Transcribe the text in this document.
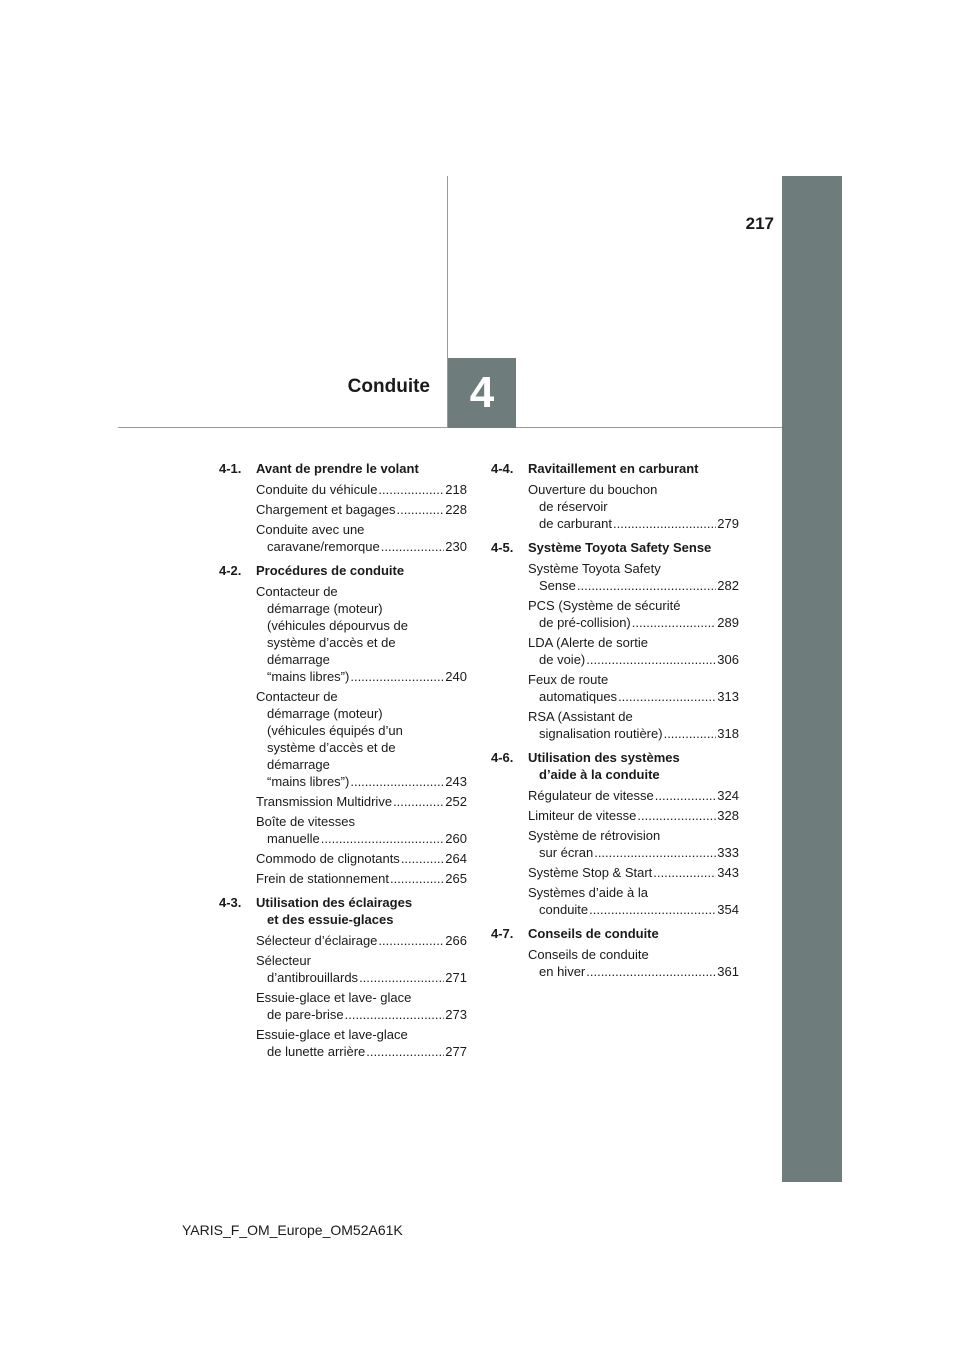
217
Conduite 4
4-1.	Avant de prendre le volant
Conduite du véhicule .....	218
Chargement et bagages .....	228
Conduite avec une
caravane/remorque .....	230
4-2.	Procédures de conduite
Contacteur de
démarrage (moteur)
(véhicules dépourvus de
système d’accès et de
démarrage
“mains libres”) .....	240
Contacteur de
démarrage (moteur)
(véhicules équipés d’un
système d’accès et de
démarrage
“mains libres”) .....	243
Transmission Multidrive .....	252
Boîte de vitesses
manuelle .....	260
Commodo de clignotants .....	264
Frein de stationnement .....	265
4-3.	Utilisation des éclairages
et des essuie-glaces
Sélecteur d’éclairage .....	266
Sélecteur
d’antibrouillards .....	271
Essuie-glace et lave- glace
de pare-brise .....	273
Essuie-glace et lave-glace
de lunette arrière .....	277
4-4.	Ravitaillement en carburant
Ouverture du bouchon
de réservoir
de carburant .....	279
4-5.	Système Toyota Safety Sense
Système Toyota Safety
Sense .....	282
PCS (Système de sécurité
de pré-collision) .....	289
LDA (Alerte de sortie
de voie) .....	306
Feux de route
automatiques .....	313
RSA (Assistant de
signalisation routière) .....	318
4-6.	Utilisation des systèmes
d’aide à la conduite
Régulateur de vitesse .....	324
Limiteur de vitesse .....	328
Système de rétrovision
sur écran .....	333
Système Stop & Start .....	343
Systèmes d’aide à la
conduite .....	354
4-7.	Conseils de conduite
Conseils de conduite
en hiver .....	361
YARIS_F_OM_Europe_OM52A61K
